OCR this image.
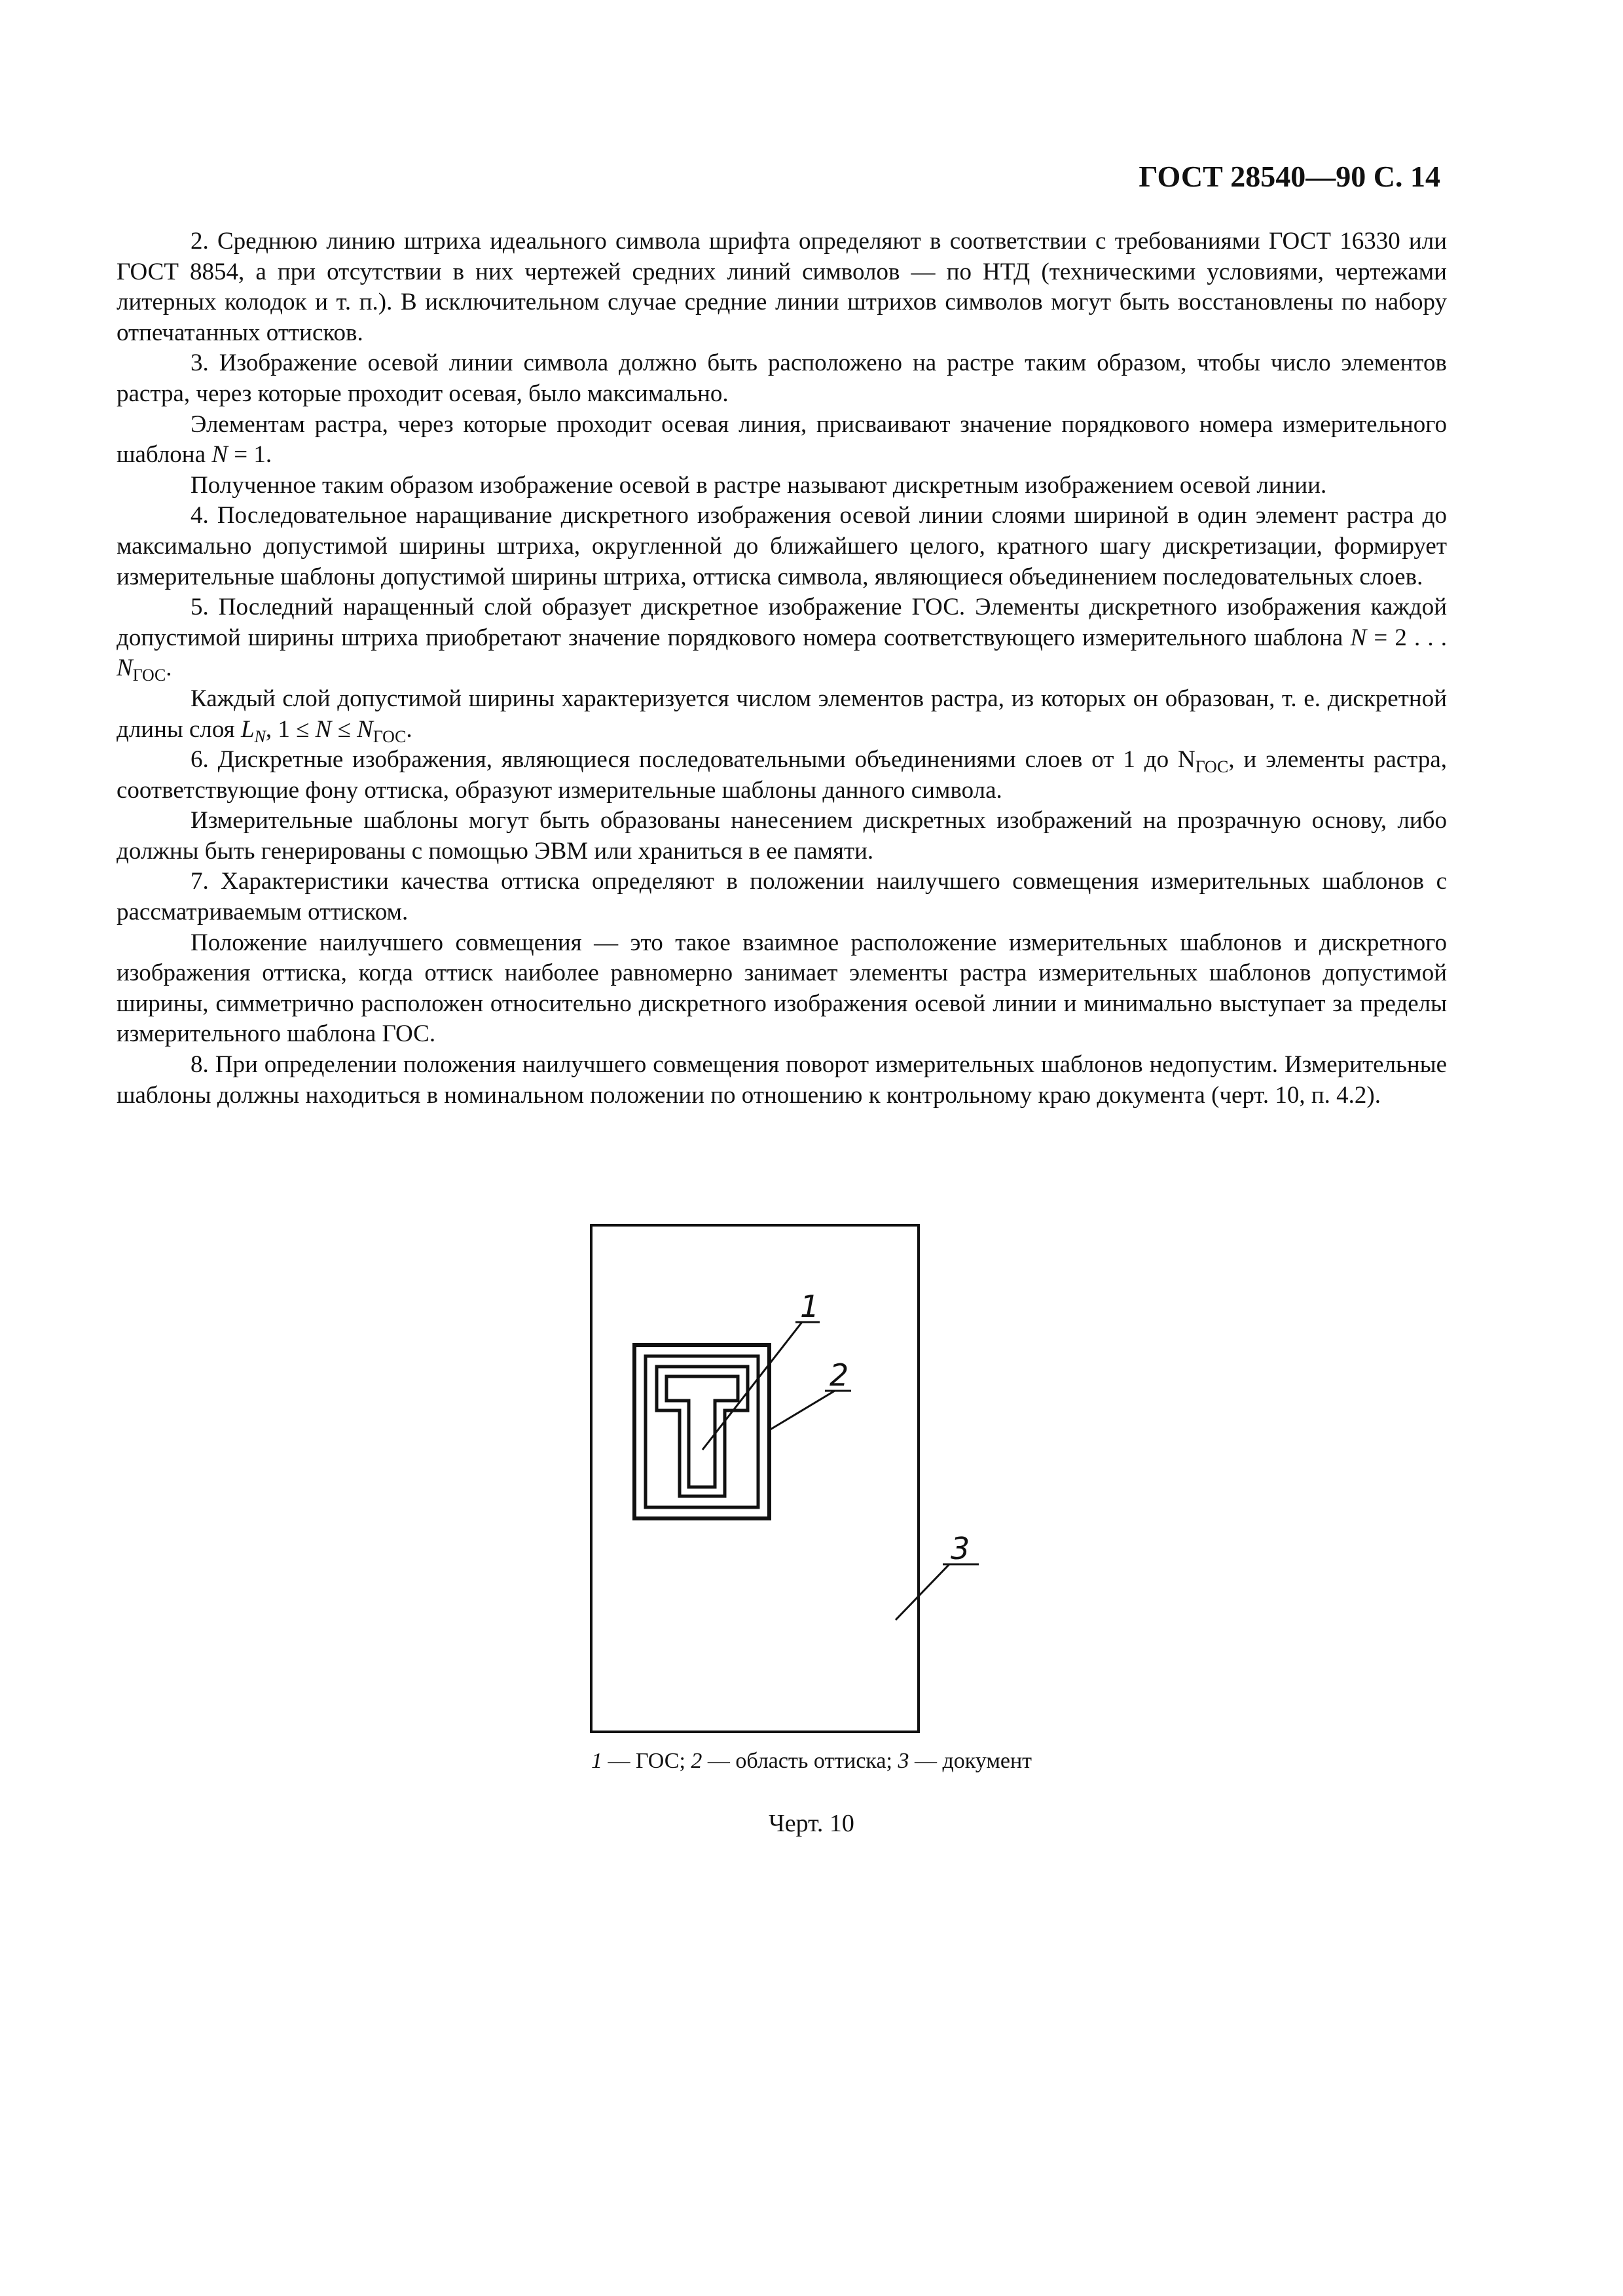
ГОСТ 28540—90 С. 14

2. Среднюю линию штриха идеального символа шрифта определяют в соответствии с требованиями ГОСТ 16330 или ГОСТ 8854, а при отсутствии в них чертежей средних линий символов — по НТД (техническими условиями, чертежами литерных колодок и т. п.). В исключительном случае средние линии штрихов символов могут быть восстановлены по набору отпечатанных оттисков.

3. Изображение осевой линии символа должно быть расположено на растре таким образом, чтобы число элементов растра, через которые проходит осевая, было максимально.

Элементам растра, через которые проходит осевая линия, присваивают значение порядкового номера измерительного шаблона N = 1.

Полученное таким образом изображение осевой в растре называют дискретным изображением осевой линии.

4. Последовательное наращивание дискретного изображения осевой линии слоями шириной в один элемент растра до максимально допустимой ширины штриха, округленной до ближайшего целого, кратного шагу дискретизации, формирует измерительные шаблоны допустимой ширины штриха, оттиска символа, являющиеся объединением последовательных слоев.

5. Последний наращенный слой образует дискретное изображение ГОС. Элементы дискретного изображения каждой допустимой ширины штриха приобретают значение порядкового номера соответствующего измерительного шаблона N = 2 . . . $N_{ГОС}$.

Каждый слой допустимой ширины характеризуется числом элементов растра, из которых он образован, т. е. дискретной длины слоя $L_N$, $1 \le N \le N_{ГОС}$.

6. Дискретные изображения, являющиеся последовательными объединениями слоев от 1 до $N_{ГОС}$, и элементы растра, соответствующие фону оттиска, образуют измерительные шаблоны данного символа.

Измерительные шаблоны могут быть образованы нанесением дискретных изображений на прозрачную основу, либо должны быть генерированы с помощью ЭВМ или храниться в ее памяти.

7. Характеристики качества оттиска определяют в положении наилучшего совмещения измерительных шаблонов с рассматриваемым оттиском.

Положение наилучшего совмещения — это такое взаимное расположение измерительных шаблонов и дискретного изображения оттиска, когда оттиск наиболее равномерно занимает элементы растра измерительных шаблонов допустимой ширины, симметрично расположен относительно дискретного изображения осевой линии и минимально выступает за пределы измерительного шаблона ГОС.

8. При определении положения наилучшего совмещения поворот измерительных шаблонов недопустим. Измерительные шаблоны должны находиться в номинальном положении по отношению к контрольному краю документа (черт. 10, п. 4.2).

1
2
3
1 — ГОС; 2 — область оттиска; 3 — документ
Черт. 10
